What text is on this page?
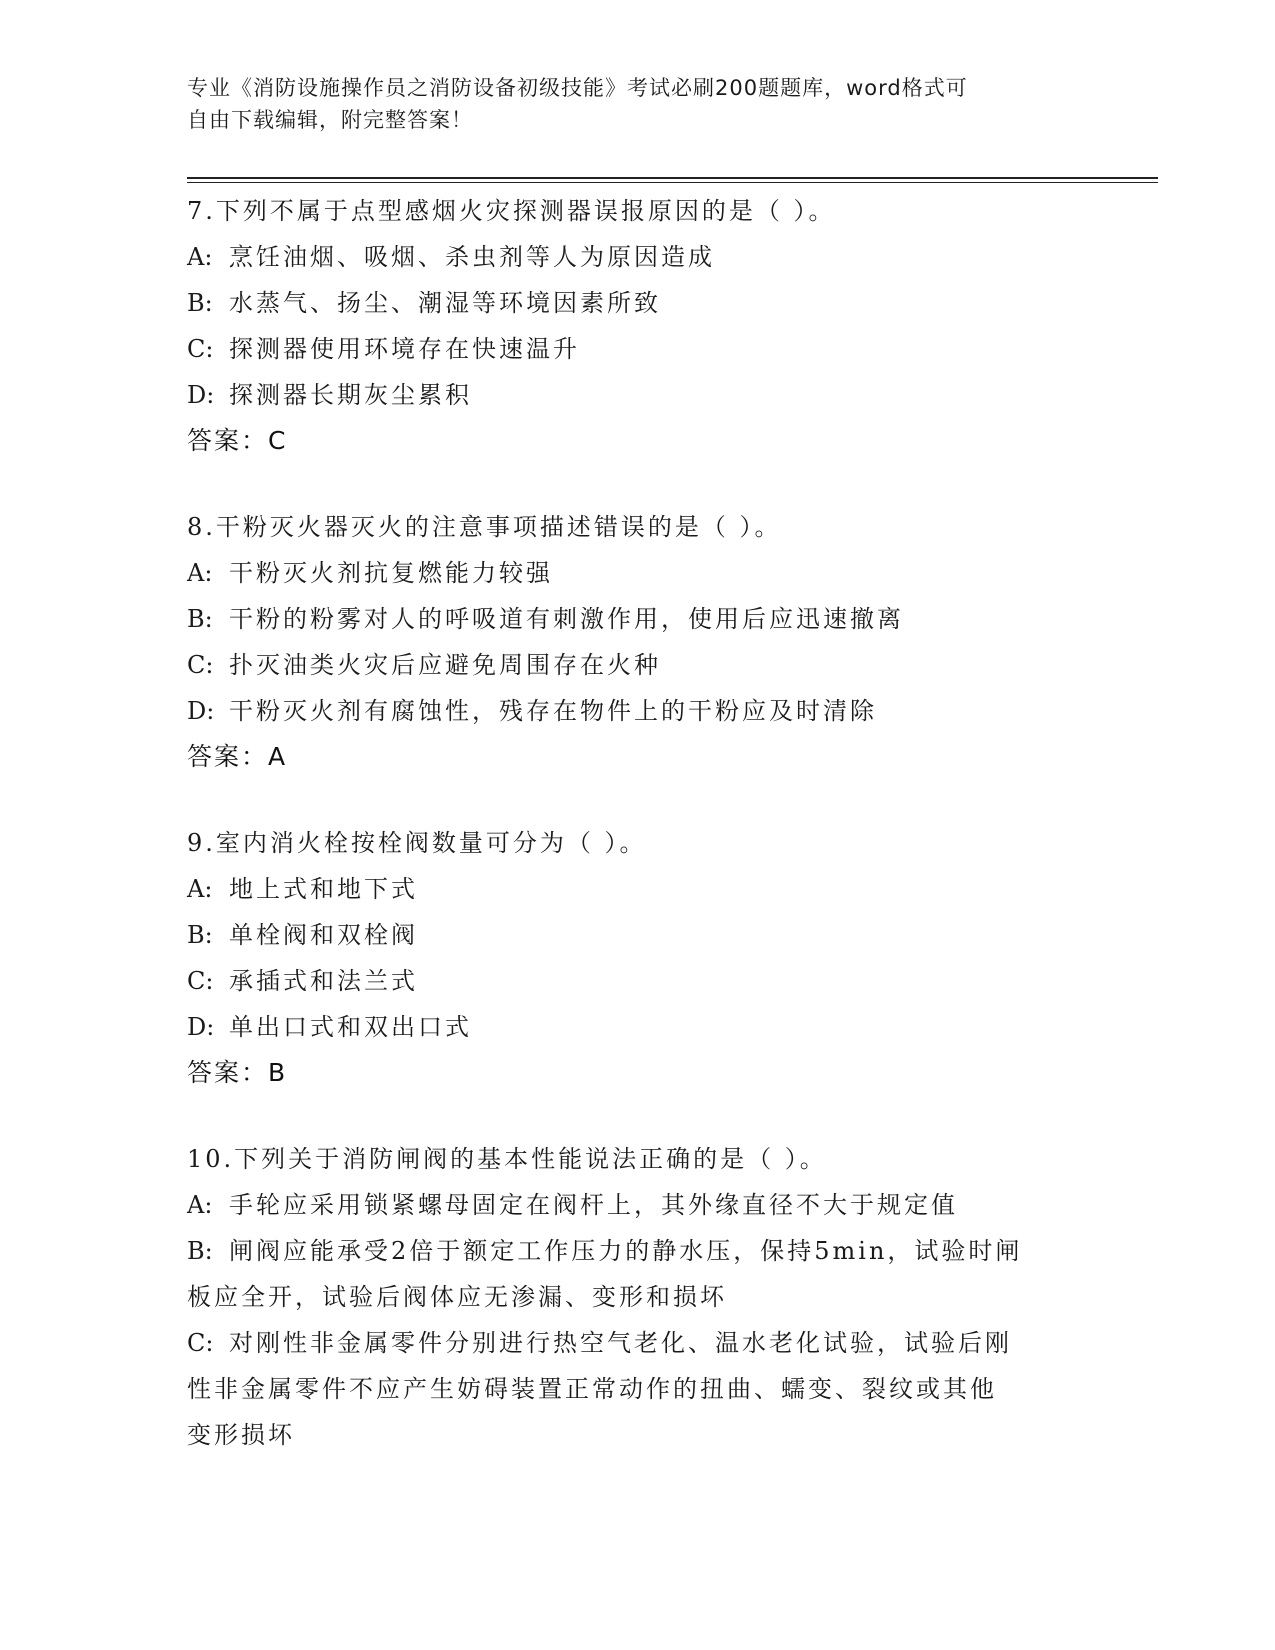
专业《消防设施操作员之消防设备初级技能》考试必刷200题题库，word格式可
自由下载编辑，附完整答案！
7.下列不属于点型感烟火灾探测器误报原因的是（ ）。
A: 烹饪油烟、吸烟、杀虫剂等人为原因造成
B: 水蒸气、扬尘、潮湿等环境因素所致
C: 探测器使用环境存在快速温升
D: 探测器长期灰尘累积
答案：C
8.干粉灭火器灭火的注意事项描述错误的是（ ）。
A: 干粉灭火剂抗复燃能力较强
B: 干粉的粉雾对人的呼吸道有刺激作用，使用后应迅速撤离
C: 扑灭油类火灾后应避免周围存在火种
D: 干粉灭火剂有腐蚀性，残存在物件上的干粉应及时清除
答案：A
9.室内消火栓按栓阀数量可分为（ ）。
A: 地上式和地下式
B: 单栓阀和双栓阀
C: 承插式和法兰式
D: 单出口式和双出口式
答案：B
10.下列关于消防闸阀的基本性能说法正确的是（ ）。
A: 手轮应采用锁紧螺母固定在阀杆上，其外缘直径不大于规定值
B: 闸阀应能承受2倍于额定工作压力的静水压，保持5min，试验时闸
板应全开，试验后阀体应无渗漏、变形和损坏
C: 对刚性非金属零件分别进行热空气老化、温水老化试验，试验后刚
性非金属零件不应产生妨碍装置正常动作的扭曲、蠕变、裂纹或其他
变形损坏
